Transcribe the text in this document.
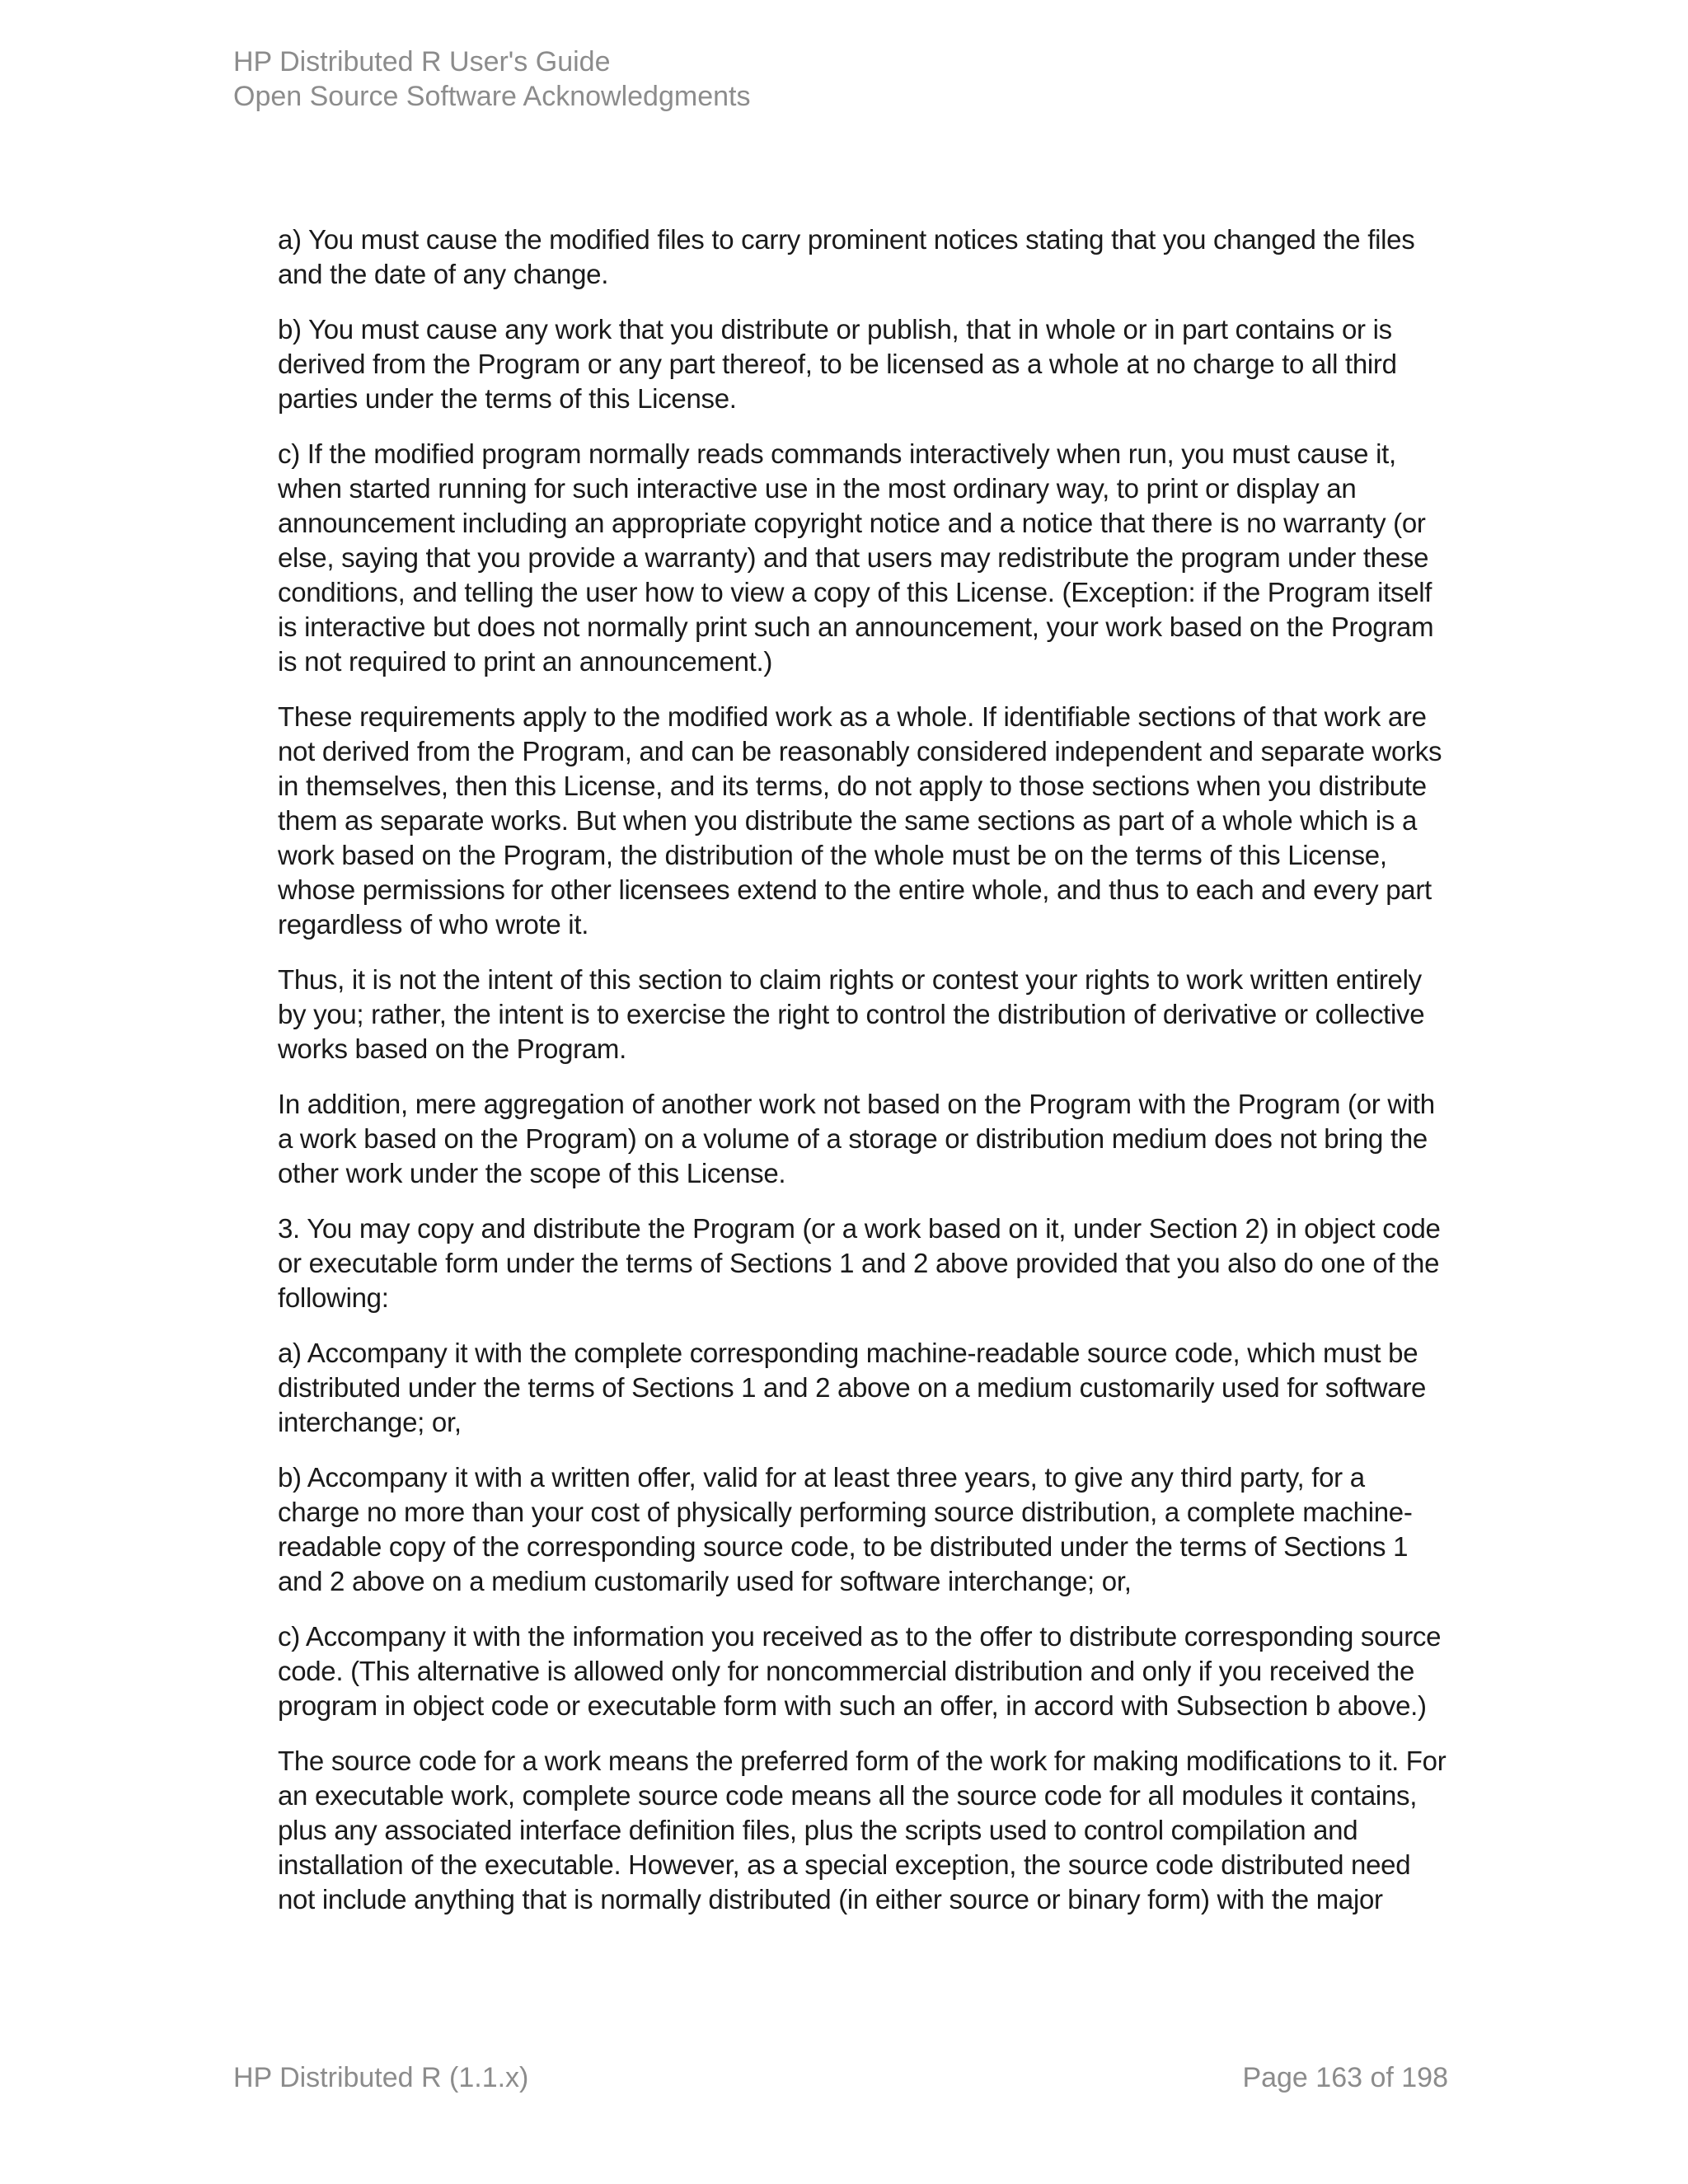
HP Distributed R User's Guide
Open Source Software Acknowledgments

a) You must cause the modified files to carry prominent notices stating that you changed the files and the date of any change.

b) You must cause any work that you distribute or publish, that in whole or in part contains or is derived from the Program or any part thereof, to be licensed as a whole at no charge to all third parties under the terms of this License.

c) If the modified program normally reads commands interactively when run, you must cause it, when started running for such interactive use in the most ordinary way, to print or display an announcement including an appropriate copyright notice and a notice that there is no warranty (or else, saying that you provide a warranty) and that users may redistribute the program under these conditions, and telling the user how to view a copy of this License. (Exception: if the Program itself is interactive but does not normally print such an announcement, your work based on the Program is not required to print an announcement.)

These requirements apply to the modified work as a whole. If identifiable sections of that work are not derived from the Program, and can be reasonably considered independent and separate works in themselves, then this License, and its terms, do not apply to those sections when you distribute them as separate works. But when you distribute the same sections as part of a whole which is a work based on the Program, the distribution of the whole must be on the terms of this License, whose permissions for other licensees extend to the entire whole, and thus to each and every part regardless of who wrote it.

Thus, it is not the intent of this section to claim rights or contest your rights to work written entirely by you; rather, the intent is to exercise the right to control the distribution of derivative or collective works based on the Program.

In addition, mere aggregation of another work not based on the Program with the Program (or with a work based on the Program) on a volume of a storage or distribution medium does not bring the other work under the scope of this License.

3. You may copy and distribute the Program (or a work based on it, under Section 2) in object code or executable form under the terms of Sections 1 and 2 above provided that you also do one of the following:

a) Accompany it with the complete corresponding machine-readable source code, which must be distributed under the terms of Sections 1 and 2 above on a medium customarily used for software interchange; or,

b) Accompany it with a written offer, valid for at least three years, to give any third party, for a charge no more than your cost of physically performing source distribution, a complete machine-readable copy of the corresponding source code, to be distributed under the terms of Sections 1 and 2 above on a medium customarily used for software interchange; or,

c) Accompany it with the information you received as to the offer to distribute corresponding source code. (This alternative is allowed only for noncommercial distribution and only if you received the program in object code or executable form with such an offer, in accord with Subsection b above.)

The source code for a work means the preferred form of the work for making modifications to it. For an executable work, complete source code means all the source code for all modules it contains, plus any associated interface definition files, plus the scripts used to control compilation and installation of the executable. However, as a special exception, the source code distributed need not include anything that is normally distributed (in either source or binary form) with the major

HP Distributed R (1.1.x)	Page 163 of 198
